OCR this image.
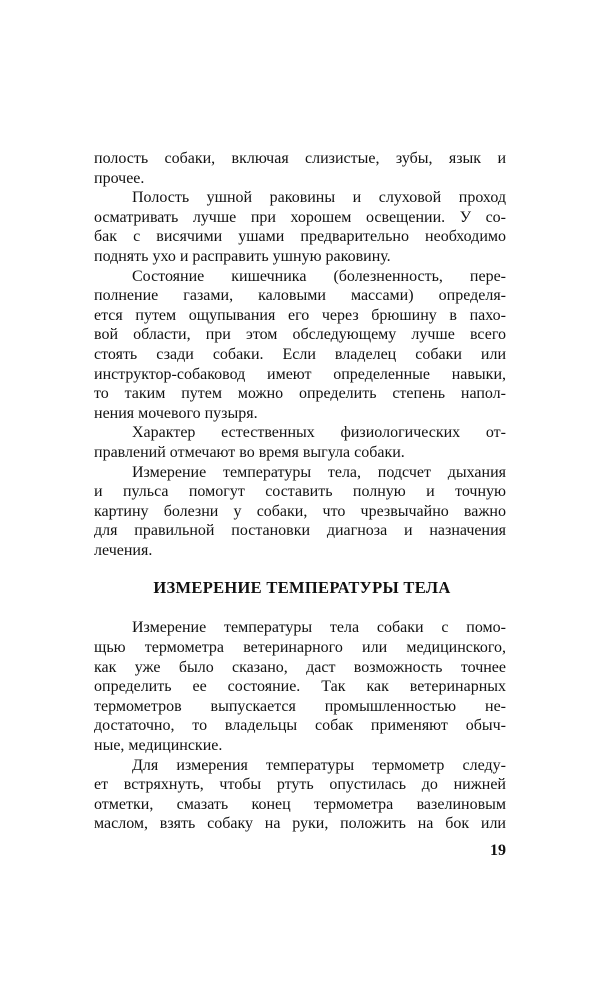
полость собаки, включая слизистые, зубы, язык и
прочее.
Полость ушной раковины и слуховой проход
осматривать лучше при хорошем освещении. У со-
бак с висячими ушами предварительно необходимо
поднять ухо и расправить ушную раковину.
Состояние кишечника (болезненность, пере-
полнение газами, каловыми массами) определя-
ется путем ощупывания его через брюшину в пахо-
вой области, при этом обследующему лучше всего
стоять сзади собаки. Если владелец собаки или
инструктор-собаковод имеют определенные навыки,
то таким путем можно определить степень напол-
нения мочевого пузыря.
Характер естественных физиологических от-
правлений отмечают во время выгула собаки.
Измерение температуры тела, подсчет дыхания
и пульса помогут составить полную и точную
картину болезни у собаки, что чрезвычайно важно
для правильной постановки диагноза и назначения
лечения.
ИЗМЕРЕНИЕ ТЕМПЕРАТУРЫ ТЕЛА
Измерение температуры тела собаки с помо-
щью термометра ветеринарного или медицинского,
как уже было сказано, даст возможность точнее
определить ее состояние. Так как ветеринарных
термометров выпускается промышленностью не-
достаточно, то владельцы собак применяют обыч-
ные, медицинские.
Для измерения температуры термометр следу-
ет встряхнуть, чтобы ртуть опустилась до нижней
отметки, смазать конец термометра вазелиновым
маслом, взять собаку на руки, положить на бок или
19
